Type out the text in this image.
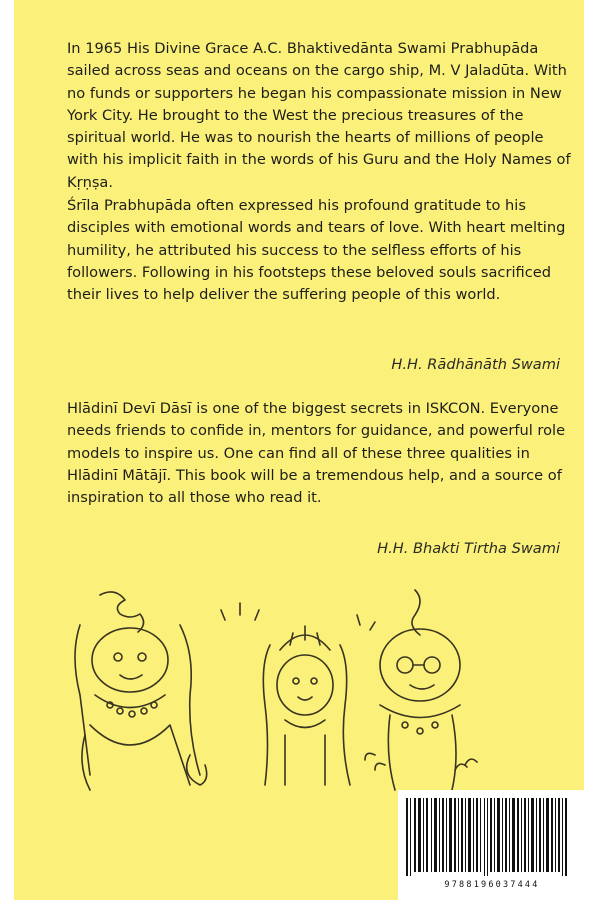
In 1965 His Divine Grace A.C. Bhaktivedānta Swami Prabhupāda sailed across seas and oceans on the cargo ship, M. V Jaladūta. With no funds or supporters he began his compassionate mission in New York City. He brought to the West the precious treasures of the spiritual world. He was to nourish the hearts of millions of people with his implicit faith in the words of his Guru and the Holy Names of Kṛṇṣa.

Śrīla Prabhupāda often expressed his profound gratitude to his disciples with emotional words and tears of love. With heart melting humility, he attributed his success to the selfless efforts of his followers. Following in his footsteps these beloved souls sacrificed their lives to help deliver the suffering people of this world.

H.H. Rādhānāth Swami

Hlādinī Devī Dāsī is one of the biggest secrets in ISKCON. Everyone needs friends to confide in, mentors for guidance, and powerful role models to inspire us. One can find all of these three qualities in Hlādinī Mātājī. This book will be a tremendous help, and a source of inspiration to all those who read it.

H.H. Bhakti Tirtha Swami
9788196037444
